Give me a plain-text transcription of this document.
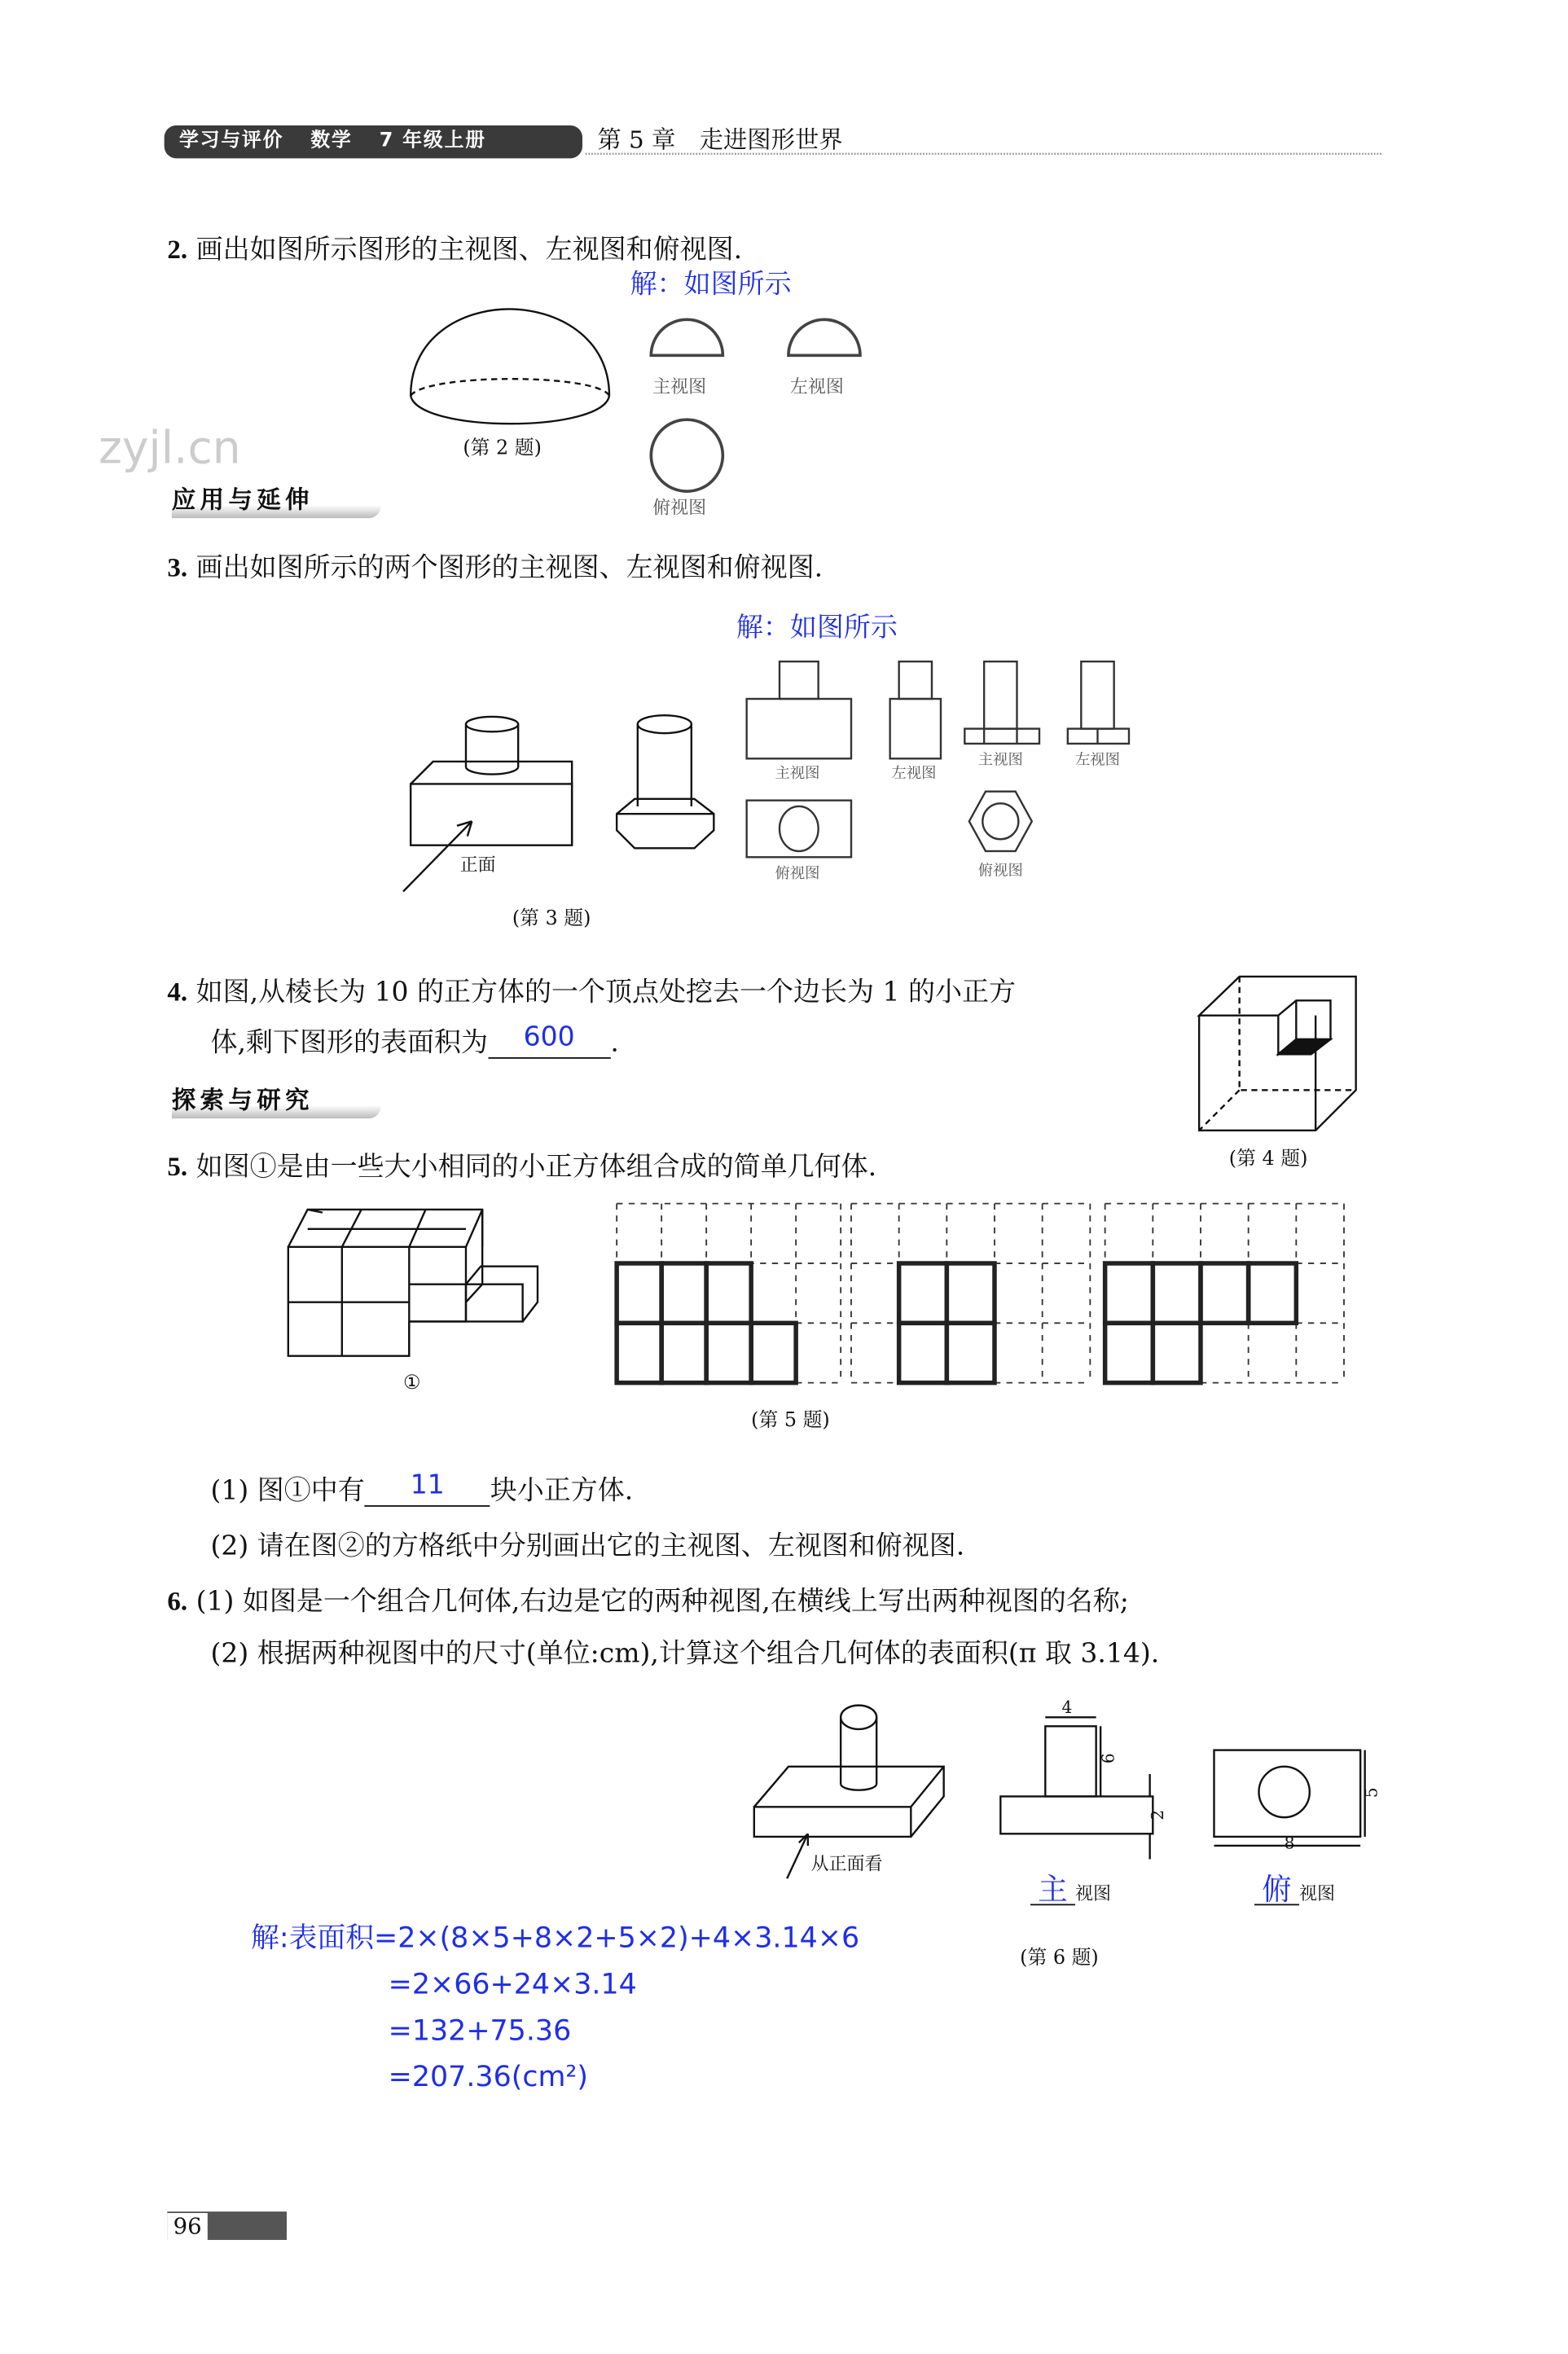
学习与评价	数学	7 年级上册	第 5 章　走进图形世界
zyjl.cn
2. 画出如图所示图形的主视图、左视图和俯视图.
解：如图所示
(第 2 题)
主视图	左视图
俯视图
应用与延伸
3. 画出如图所示的两个图形的主视图、左视图和俯视图.
解：如图所示
正面
(第 3 题)
主视图	左视图
俯视图
主视图	左视图
俯视图
4. 如图,从棱长为 10 的正方体的一个顶点处挖去一个边长为 1 的小正方
体,剩下图形的表面积为 600 .
(第 4 题)
探索与研究
5. 如图①是由一些大小相同的小正方体组合成的简单几何体.
①
(第 5 题)
(1) 图①中有	11	块小正方体.
(2) 请在图②的方格纸中分别画出它的主视图、左视图和俯视图.
6. (1) 如图是一个组合几何体,右边是它的两种视图,在横线上写出两种视图的名称;
(2) 根据两种视图中的尺寸(单位:cm),计算这个组合几何体的表面积(π 取 3.14).
从正面看
4
6
2
5
8
主 视图	俯 视图
(第 6 题)
解:表面积=2×(8×5+8×2+5×2)+4×3.14×6
=2×66+24×3.14
=132+75.36
=207.36(cm²)
96
